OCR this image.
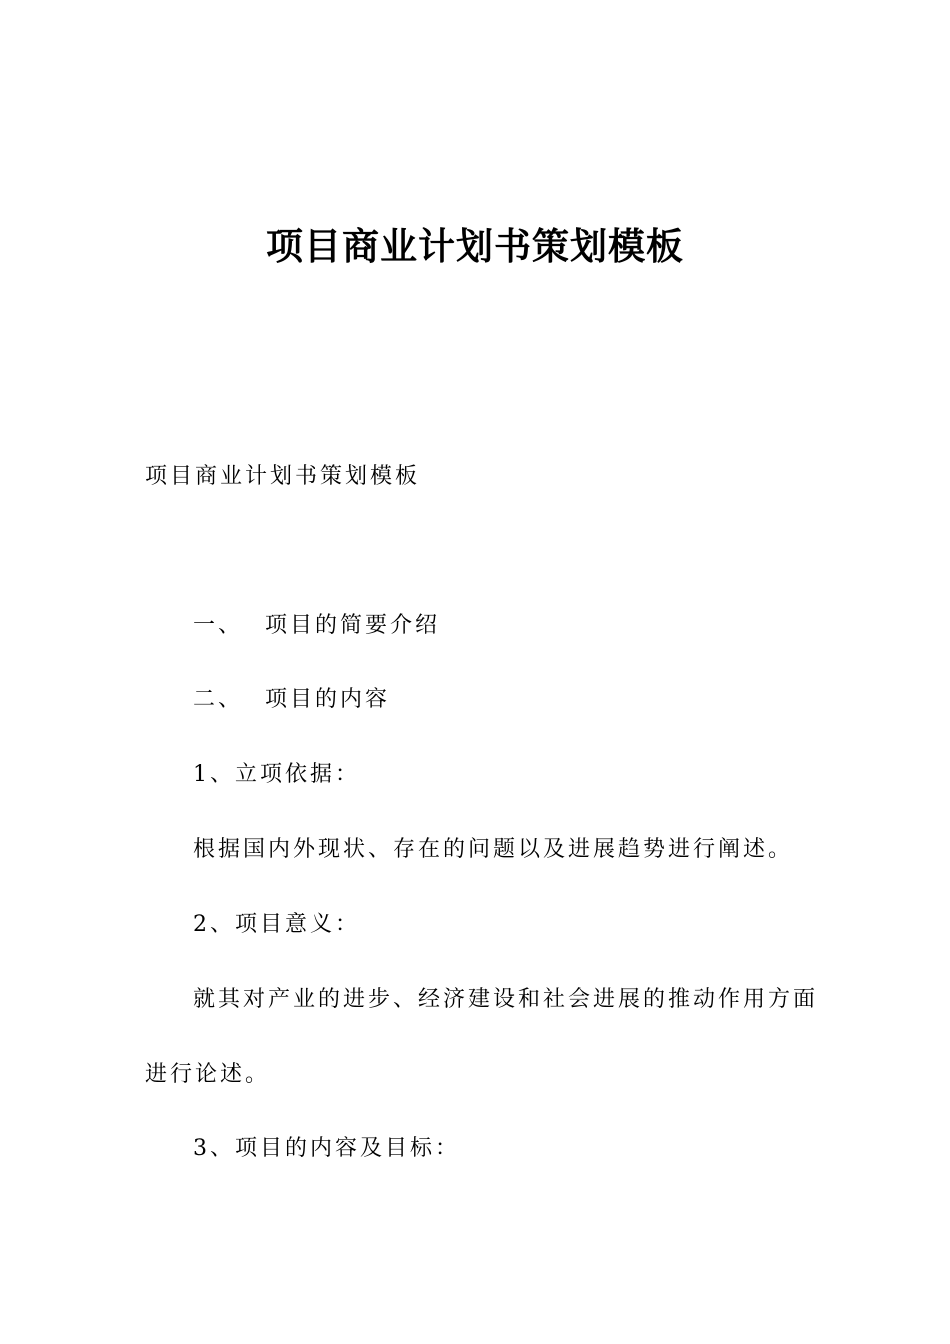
项目商业计划书策划模板

项目商业计划书策划模板

一、 项目的简要介绍

二、 项目的内容

1、立项依据：

根据国内外现状、存在的问题以及进展趋势进行阐述。

2、项目意义：

就其对产业的进步、经济建设和社会进展的推动作用方面

进行论述。

3、项目的内容及目标：
